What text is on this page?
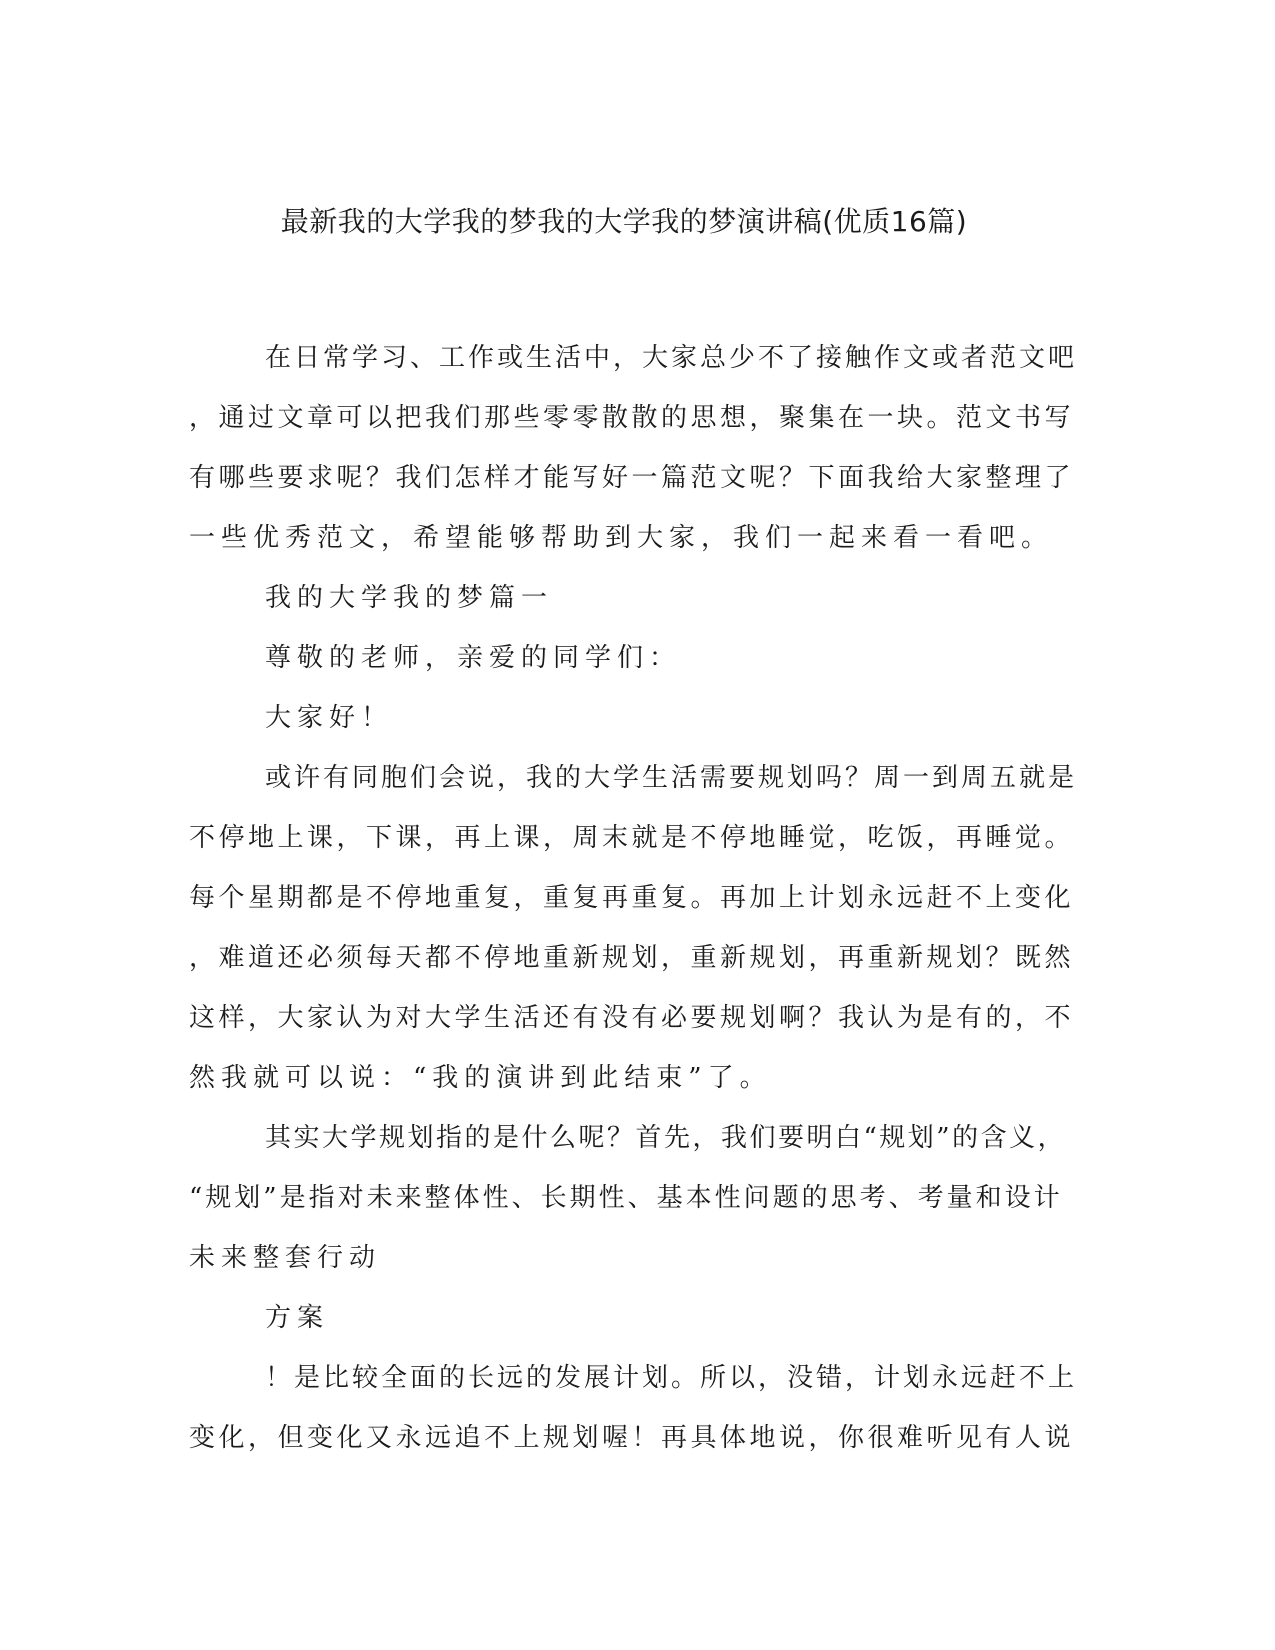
最新我的大学我的梦我的大学我的梦演讲稿(优质16篇)
在日常学习、工作或生活中，大家总少不了接触作文或者范文吧
，通过文章可以把我们那些零零散散的思想，聚集在一块。范文书写
有哪些要求呢？我们怎样才能写好一篇范文呢？下面我给大家整理了
一些优秀范文，希望能够帮助到大家，我们一起来看一看吧。
我的大学我的梦篇一
尊敬的老师，亲爱的同学们：
大家好！
或许有同胞们会说，我的大学生活需要规划吗？周一到周五就是
不停地上课，下课，再上课，周末就是不停地睡觉，吃饭，再睡觉。
每个星期都是不停地重复，重复再重复。再加上计划永远赶不上变化
，难道还必须每天都不停地重新规划，重新规划，再重新规划？既然
这样，大家认为对大学生活还有没有必要规划啊？我认为是有的，不
然我就可以说：“我的演讲到此结束”了。
其实大学规划指的是什么呢？首先，我们要明白“规划”的含义，
“规划”是指对未来整体性、长期性、基本性问题的思考、考量和设计
未来整套行动
方案
！是比较全面的长远的发展计划。所以，没错，计划永远赶不上
变化，但变化又永远追不上规划喔！再具体地说，你很难听见有人说
